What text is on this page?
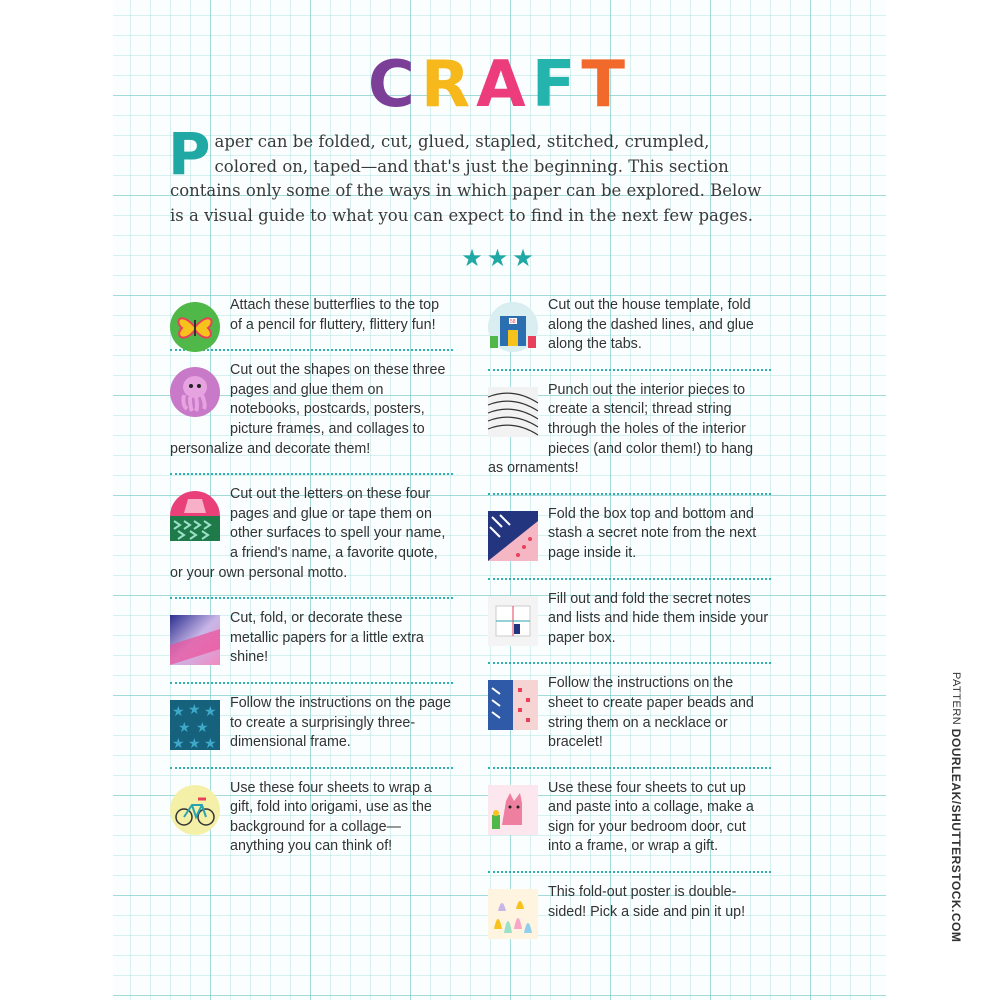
CRAFT
Paper can be folded, cut, glued, stapled, stitched, crumpled, colored on, taped—and that's just the beginning. This section contains only some of the ways in which paper can be explored. Below is a visual guide to what you can expect to find in the next few pages.
★★★
Attach these butterflies to the top of a pencil for fluttery, flittery fun!
Cut out the shapes on these three pages and glue them on notebooks, postcards, posters, picture frames, and collages to personalize and decorate them!
Cut out the letters on these four pages and glue or tape them on other surfaces to spell your name, a friend's name, a favorite quote, or your own personal motto.
Cut, fold, or decorate these metallic papers for a little extra shine!
★ ★ ★
★ ★
★ ★ ★
Follow the instructions on the page to create a surprisingly three-dimensional frame.
Use these four sheets to wrap a gift, fold into origami, use as the background for a collage—anything you can think of!
58
Cut out the house template, fold along the dashed lines, and glue along the tabs.
Punch out the interior pieces to create a stencil; thread string through the holes of the interior pieces (and color them!) to hang as ornaments!
Fold the box top and bottom and stash a secret note from the next page inside it.
Fill out and fold the secret notes and lists and hide them inside your paper box.
Follow the instructions on the sheet to create paper beads and string them on a necklace or bracelet!
Use these four sheets to cut up and paste into a collage, make a sign for your bedroom door, cut into a frame, or wrap a gift.
This fold-out poster is double-sided! Pick a side and pin it up!
PATTERN DOURLEAK/SHUTTERSTOCK.COM
